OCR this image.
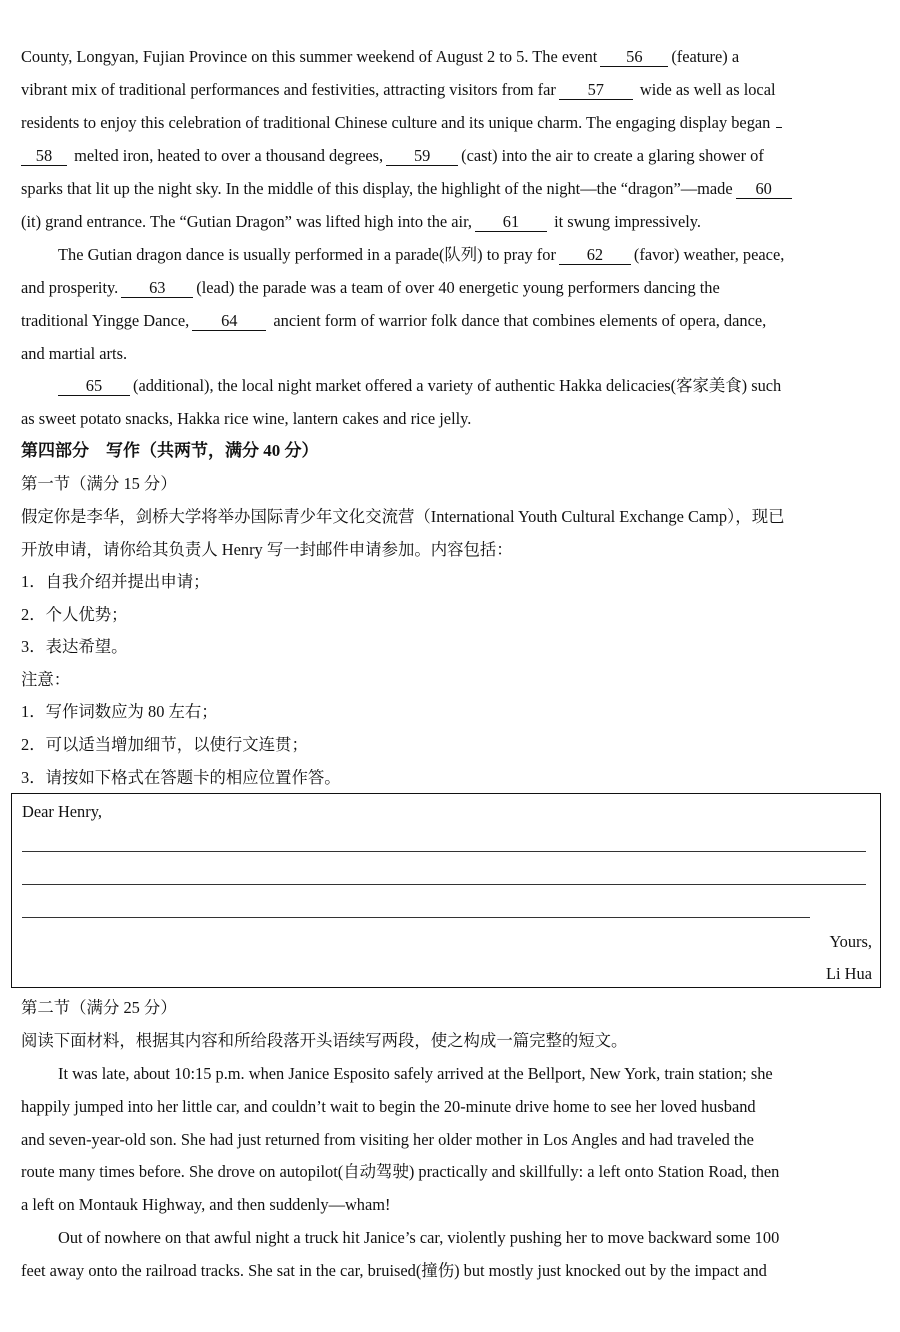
County, Longyan, Fujian Province on this summer weekend of August 2 to 5. The event 56 (feature) a
vibrant mix of traditional performances and festivities, attracting visitors from far 57 wide as well as local
residents to enjoy this celebration of traditional Chinese culture and its unique charm. The engaging display began
58 melted iron, heated to over a thousand degrees, 59 (cast) into the air to create a glaring shower of
sparks that lit up the night sky. In the middle of this display, the highlight of the night—the “dragon”—made 60
(it) grand entrance. The “Gutian Dragon” was lifted high into the air, 61 it swung impressively.
The Gutian dragon dance is usually performed in a parade(队列) to pray for 62 (favor) weather, peace,
and prosperity. 63 (lead) the parade was a team of over 40 energetic young performers dancing the
traditional Yingge Dance, 64 ancient form of warrior folk dance that combines elements of opera, dance,
and martial arts.
65 (additional), the local night market offered a variety of authentic Hakka delicacies(客家美食) such
as sweet potato snacks, Hakka rice wine, lantern cakes and rice jelly.
第四部分　写作（共两节，满分 40 分）
第一节（满分 15 分）
假定你是李华，剑桥大学将举办国际青少年文化交流营（International Youth Cultural Exchange Camp），现已
开放申请，请你给其负责人 Henry 写一封邮件申请参加。内容包括：
1．自我介绍并提出申请；
2．个人优势；
3．表达希望。
注意：
1．写作词数应为 80 左右；
2．可以适当增加细节，以使行文连贯；
3．请按如下格式在答题卡的相应位置作答。
Dear Henry,
Yours,
Li Hua
第二节（满分 25 分）
阅读下面材料，根据其内容和所给段落开头语续写两段，使之构成一篇完整的短文。
It was late, about 10:15 p.m. when Janice Esposito safely arrived at the Bellport, New York, train station; she
happily jumped into her little car, and couldn’t wait to begin the 20-minute drive home to see her loved husband
and seven-year-old son. She had just returned from visiting her older mother in Los Angles and had traveled the
route many times before. She drove on autopilot(自动驾驶) practically and skillfully: a left onto Station Road, then
a left on Montauk Highway, and then suddenly—wham!
Out of nowhere on that awful night a truck hit Janice’s car, violently pushing her to move backward some 100
feet away onto the railroad tracks. She sat in the car, bruised(撞伤) but mostly just knocked out by the impact and
